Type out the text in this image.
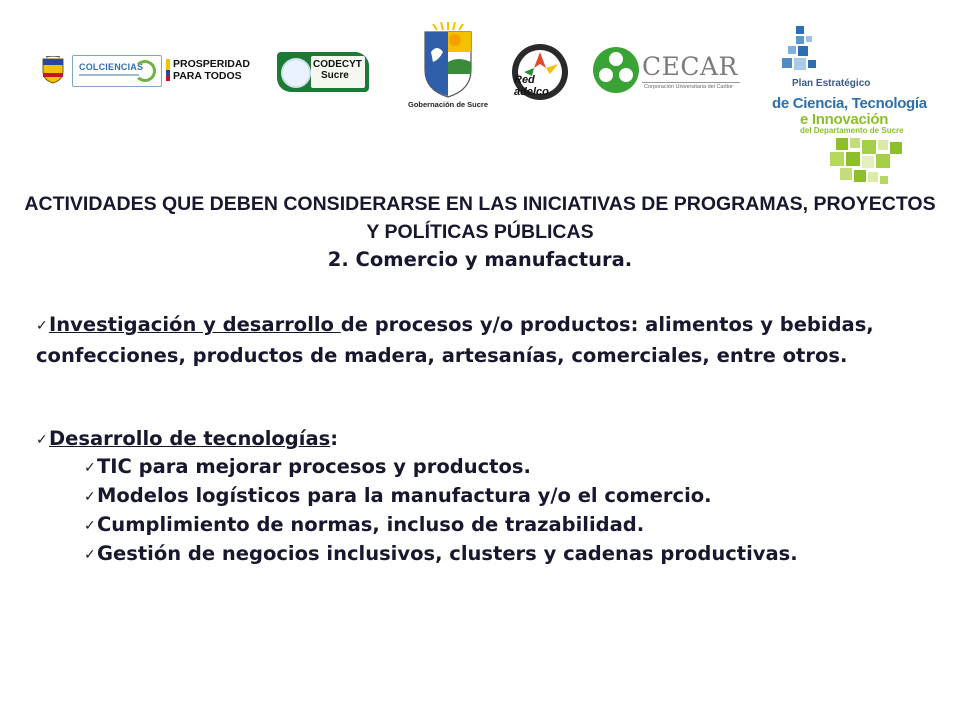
COLCIENCIAS	PROSPERIDAD
PARA TODOS
CODECYT
Sucre
Gobernación de Sucre
Red adelco
CECAR
Corporación Universitaria del Caribe	Plan Estratégico
de Ciencia, Tecnología
e Innovación
del Departamento de Sucre

ACTIVIDADES QUE DEBEN CONSIDERARSE EN LAS INICIATIVAS DE PROGRAMAS, PROYECTOS Y POLÍTICAS PÚBLICAS

2. Comercio y manufactura.

✓Investigación y desarrollo de procesos y/o productos: alimentos y bebidas, confecciones, productos de madera, artesanías, comerciales, entre otros.
✓Desarrollo de tecnologías:
✓TIC para mejorar procesos y productos.
✓Modelos logísticos para la manufactura y/o el comercio.
✓Cumplimiento de normas, incluso de trazabilidad.
✓Gestión de negocios inclusivos, clusters y cadenas productivas.
